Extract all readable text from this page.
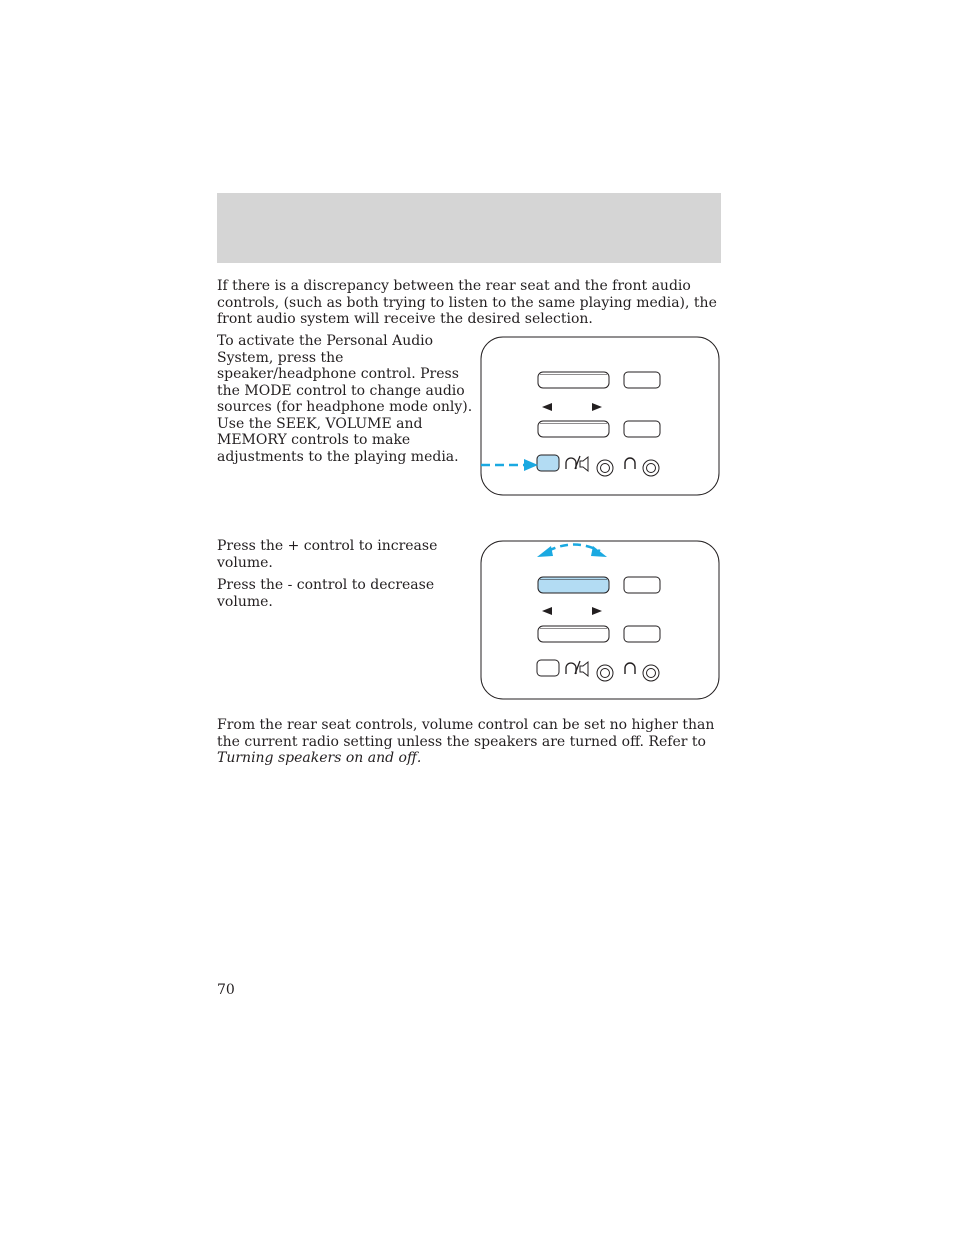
If there is a discrepancy between the rear seat and the front audio controls, (such as both trying to listen to the same playing media), the front audio system will receive the desired selection.

To activate the Personal Audio System, press the speaker/headphone control. Press the MODE control to change audio sources (for headphone mode only). Use the SEEK, VOLUME and MEMORY controls to make adjustments to the playing media.

Press the + control to increase volume.

Press the - control to decrease volume.

From the rear seat controls, volume control can be set no higher than the current radio setting unless the speakers are turned off. Refer to Turning speakers on and off.

70
